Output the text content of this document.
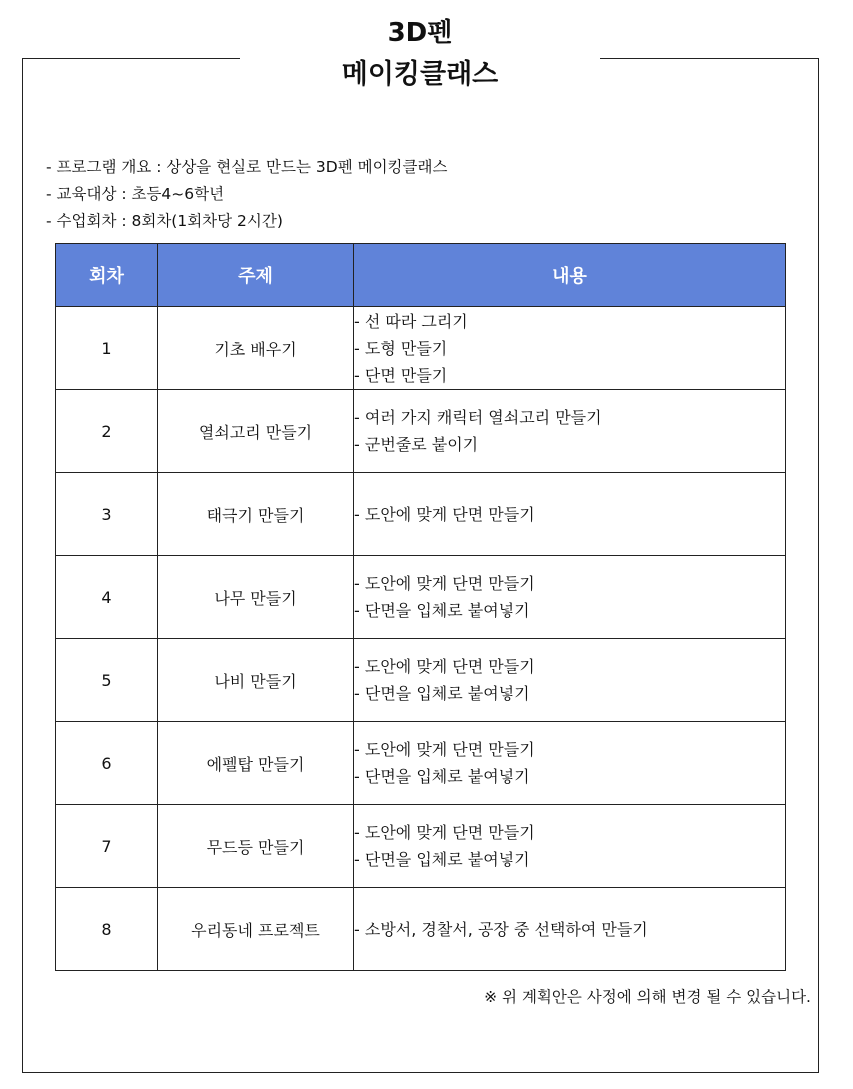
3D펜
메이킹클래스
- 프로그램 개요 : 상상을 현실로 만드는 3D펜 메이킹클래스
- 교육대상 : 초등4~6학년
- 수업회차 : 8회차(1회차당 2시간)
회차	주제	내용
1	기초 배우기	- 선 따라 그리기
- 도형 만들기
- 단면 만들기

2	열쇠고리 만들기	- 여러 가지 캐릭터 열쇠고리 만들기
- 군번줄로 붙이기

3	태극기 만들기	- 도안에 맞게 단면 만들기

4	나무 만들기	- 도안에 맞게 단면 만들기
- 단면을 입체로 붙여넣기

5	나비 만들기	- 도안에 맞게 단면 만들기
- 단면을 입체로 붙여넣기

6	에펠탑 만들기	- 도안에 맞게 단면 만들기
- 단면을 입체로 붙여넣기

7	무드등 만들기	- 도안에 맞게 단면 만들기
- 단면을 입체로 붙여넣기

8	우리동네 프로젝트	- 소방서, 경찰서, 공장 중 선택하여 만들기
※ 위 계획안은 사정에 의해 변경 될 수 있습니다.
